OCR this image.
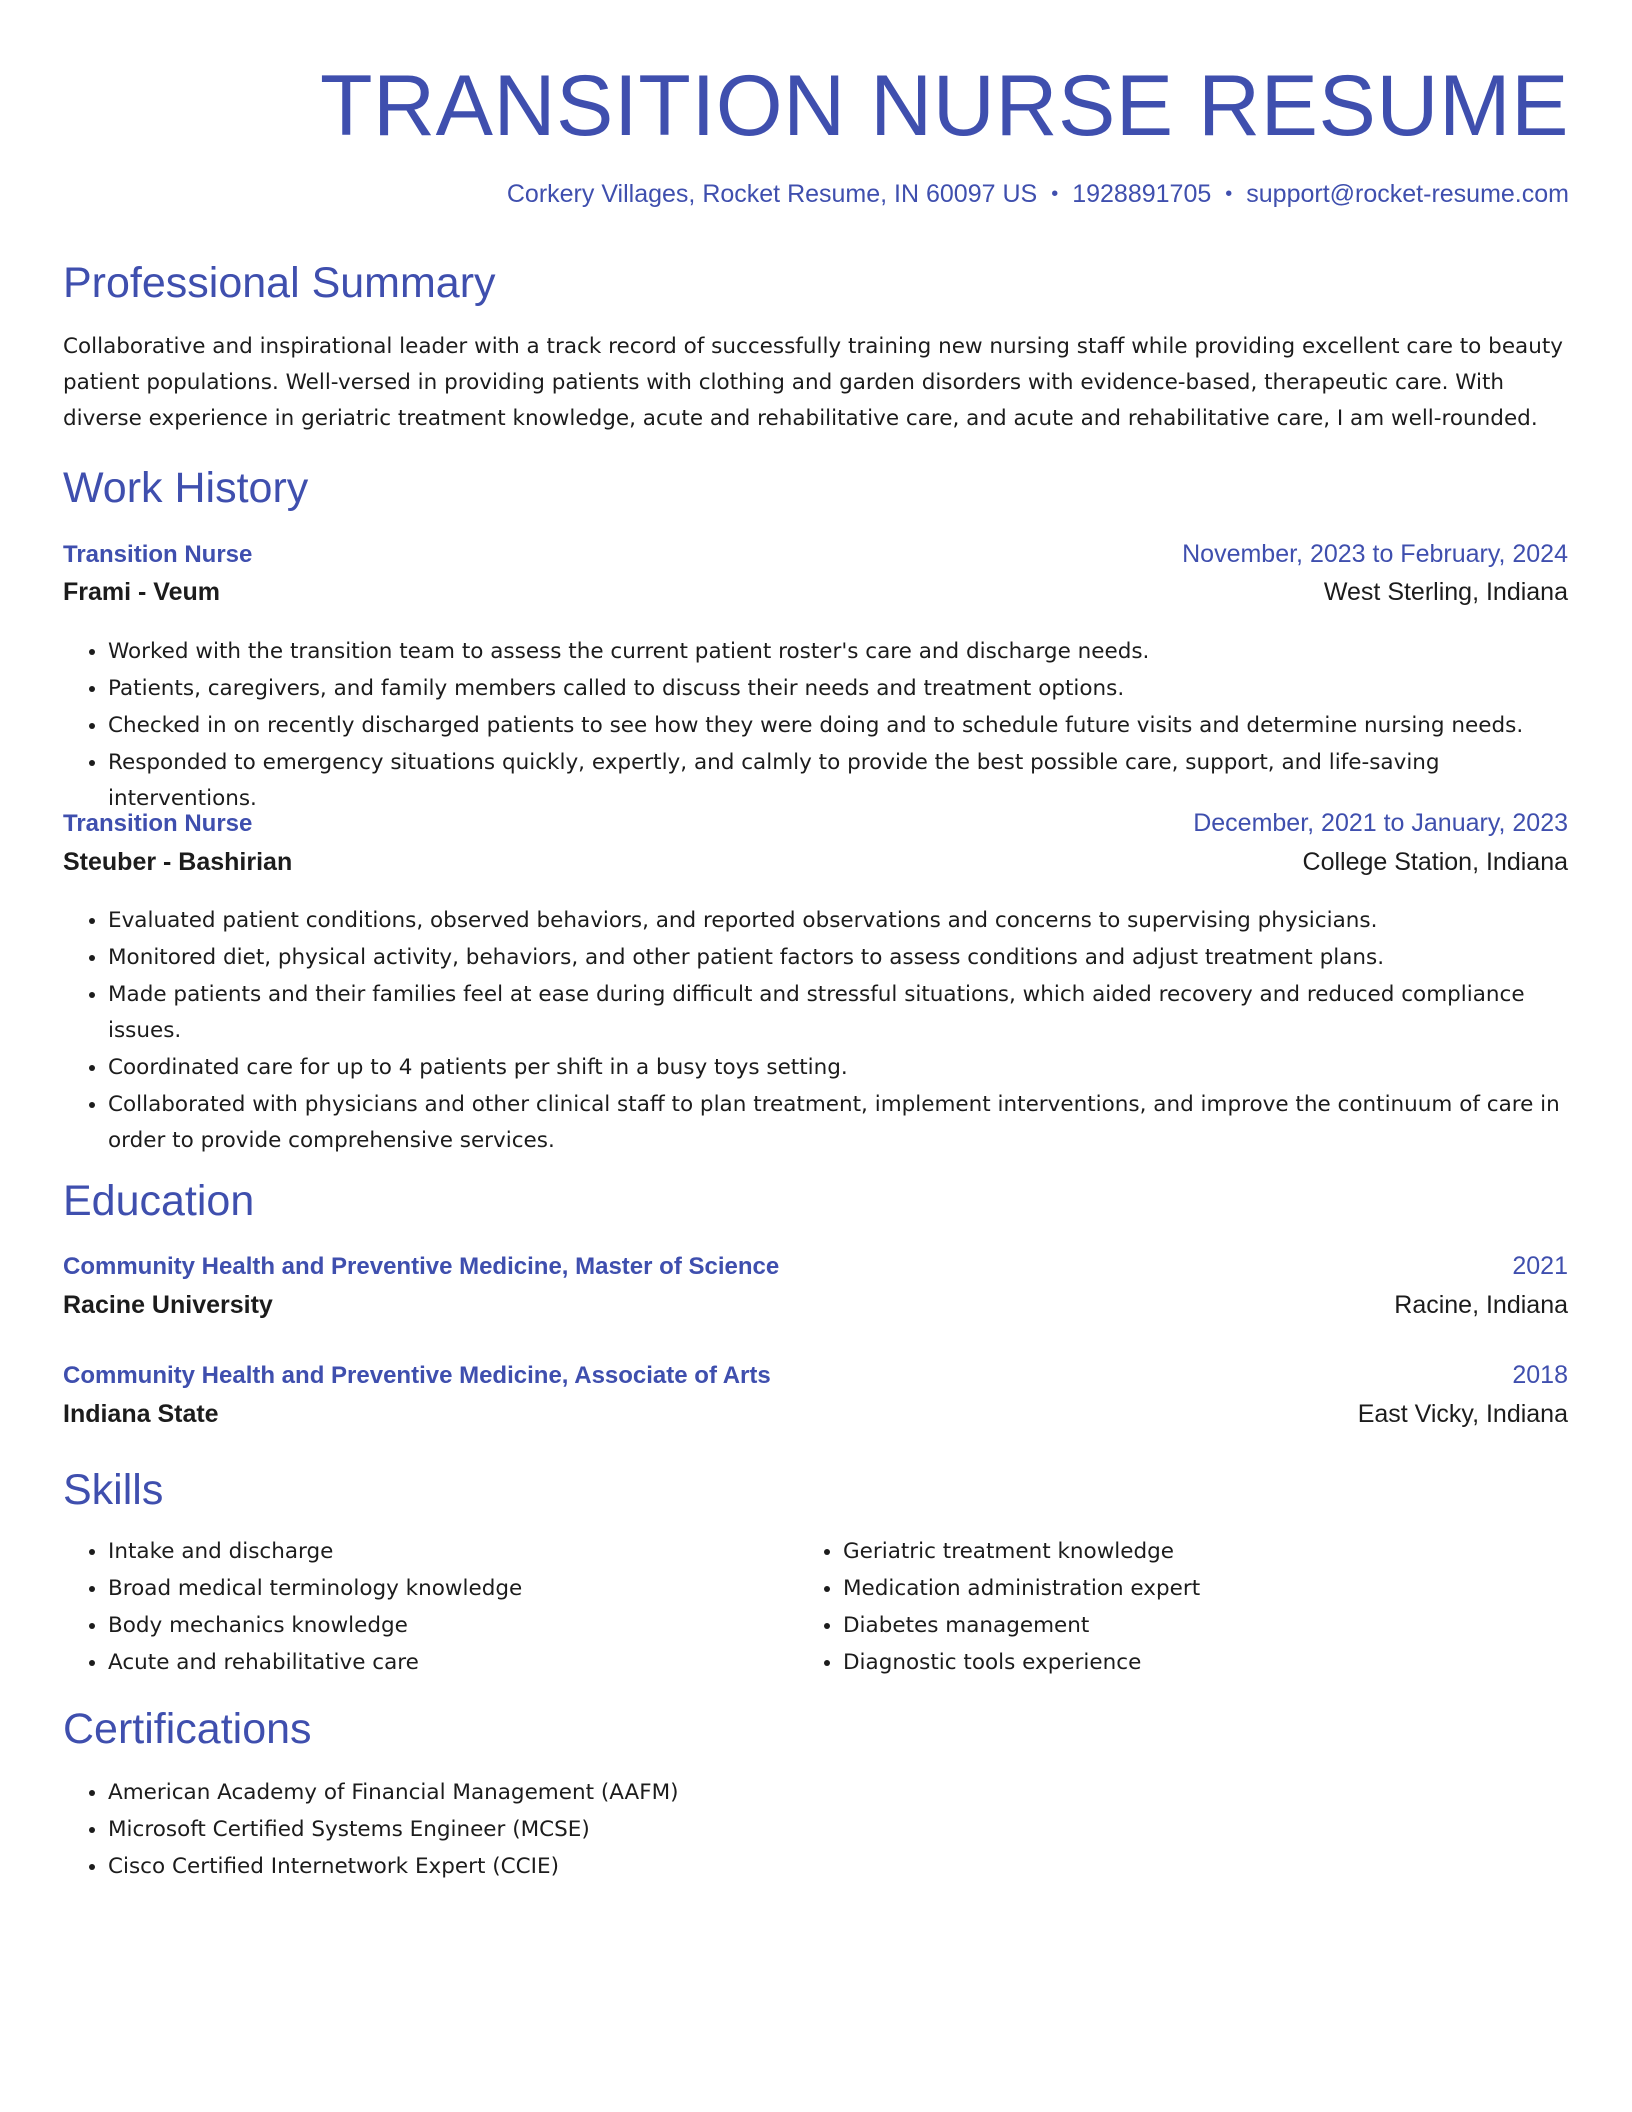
TRANSITION NURSE RESUME
Corkery Villages, Rocket Resume, IN 60097 US • 1928891705 • support@rocket-resume.com
Professional Summary

Collaborative and inspirational leader with a track record of successfully training new nursing staff while providing excellent care to beauty patient populations. Well-versed in providing patients with clothing and garden disorders with evidence-based, therapeutic care. With diverse experience in geriatric treatment knowledge, acute and rehabilitative care, and acute and rehabilitative care, I am well-rounded.

Work History
Transition Nurse	November, 2023 to February, 2024
Frami - Veum	West Sterling, Indiana
• Worked with the transition team to assess the current patient roster's care and discharge needs.
• Patients, caregivers, and family members called to discuss their needs and treatment options.
• Checked in on recently discharged patients to see how they were doing and to schedule future visits and determine nursing needs.
• Responded to emergency situations quickly, expertly, and calmly to provide the best possible care, support, and life-saving interventions.
Transition Nurse	December, 2021 to January, 2023
Steuber - Bashirian	College Station, Indiana
• Evaluated patient conditions, observed behaviors, and reported observations and concerns to supervising physicians.
• Monitored diet, physical activity, behaviors, and other patient factors to assess conditions and adjust treatment plans.
• Made patients and their families feel at ease during difficult and stressful situations, which aided recovery and reduced compliance issues.
• Coordinated care for up to 4 patients per shift in a busy toys setting.
• Collaborated with physicians and other clinical staff to plan treatment, implement interventions, and improve the continuum of care in order to provide comprehensive services.
Education
Community Health and Preventive Medicine, Master of Science	2021
Racine University	Racine, Indiana
Community Health and Preventive Medicine, Associate of Arts	2018
Indiana State	East Vicky, Indiana
Skills
• Intake and discharge
• Broad medical terminology knowledge
• Body mechanics knowledge
• Acute and rehabilitative care
• Geriatric treatment knowledge
• Medication administration expert
• Diabetes management
• Diagnostic tools experience
Certifications
• American Academy of Financial Management (AAFM)
• Microsoft Certified Systems Engineer (MCSE)
• Cisco Certified Internetwork Expert (CCIE)
